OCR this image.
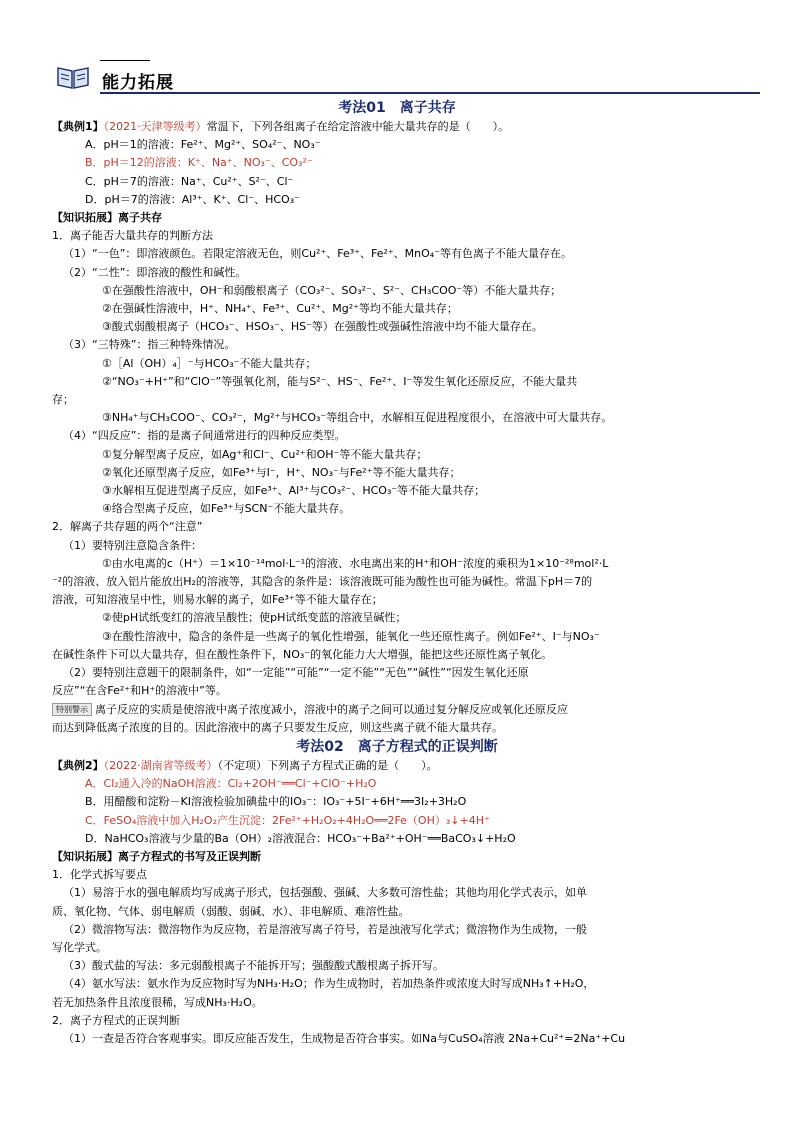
能力拓展
考法01　离子共存
【典例1】（2021·天津等级考）常温下，下列各组离子在给定溶液中能大量共存的是（　　）。
A．pH＝1的溶液：Fe²⁺、Mg²⁺、SO₄²⁻、NO₃⁻
B．pH＝12的溶液：K⁺、Na⁺、NO₃⁻、CO₃²⁻
C．pH＝7的溶液：Na⁺、Cu²⁺、S²⁻、Cl⁻
D．pH＝7的溶液：Al³⁺、K⁺、Cl⁻、HCO₃⁻
【知识拓展】离子共存
1．离子能否大量共存的判断方法
（1）“一色”：即溶液颜色。若限定溶液无色，则Cu²⁺、Fe³⁺、Fe²⁺、MnO₄⁻等有色离子不能大量存在。
（2）“二性”：即溶液的酸性和碱性。
①在强酸性溶液中，OH⁻和弱酸根离子（CO₃²⁻、SO₃²⁻、S²⁻、CH₃COO⁻等）不能大量共存；
②在强碱性溶液中，H⁺、NH₄⁺、Fe³⁺、Cu²⁺、Mg²⁺等均不能大量共存；
③酸式弱酸根离子（HCO₃⁻、HSO₃⁻、HS⁻等）在强酸性或强碱性溶液中均不能大量存在。
（3）“三特殊”：指三种特殊情况。
①［Al（OH）₄］⁻与HCO₃⁻不能大量共存；
②“NO₃⁻+H⁺”和“ClO⁻”等强氧化剂，能与S²⁻、HS⁻、Fe²⁺、I⁻等发生氧化还原反应，不能大量共
存；
③NH₄⁺与CH₃COO⁻、CO₃²⁻，Mg²⁺与HCO₃⁻等组合中，水解相互促进程度很小，在溶液中可大量共存。
（4）“四反应”：指的是离子间通常进行的四种反应类型。
①复分解型离子反应，如Ag⁺和Cl⁻、Cu²⁺和OH⁻等不能大量共存；
②氧化还原型离子反应，如Fe³⁺与I⁻，H⁺、NO₃⁻与Fe²⁺等不能大量共存；
③水解相互促进型离子反应，如Fe³⁺、Al³⁺与CO₃²⁻、HCO₃⁻等不能大量共存；
④络合型离子反应，如Fe³⁺与SCN⁻不能大量共存。
2．解离子共存题的两个“注意”
（1）要特别注意隐含条件：
①由水电离的c（H⁺）＝1×10⁻¹⁴mol·L⁻¹的溶液、水电离出来的H⁺和OH⁻浓度的乘积为1×10⁻²⁸mol²·L
⁻²的溶液、放入铝片能放出H₂的溶液等，其隐含的条件是：该溶液既可能为酸性也可能为碱性。常温下pH＝7的
溶液，可知溶液呈中性，则易水解的离子，如Fe³⁺等不能大量存在；
②使pH试纸变红的溶液呈酸性；使pH试纸变蓝的溶液呈碱性；
③在酸性溶液中，隐含的条件是一些离子的氧化性增强，能氧化一些还原性离子。例如Fe²⁺、I⁻与NO₃⁻
在碱性条件下可以大量共存，但在酸性条件下，NO₃⁻的氧化能力大大增强，能把这些还原性离子氧化。
（2）要特别注意题干的限制条件，如“一定能”“可能”“一定不能”“无色”“碱性”“因发生氧化还原
反应”“在含Fe²⁺和H⁺的溶液中”等。
特别警示 离子反应的实质是使溶液中离子浓度减小，溶液中的离子之间可以通过复分解反应或氧化还原反应
而达到降低离子浓度的目的。因此溶液中的离子只要发生反应，则这些离子就不能大量共存。
考法02　离子方程式的正误判断
【典例2】（2022·湖南省等级考）（不定项）下列离子方程式正确的是（　　）。
A．Cl₂通入冷的NaOH溶液：Cl₂+2OH⁻══Cl⁻+ClO⁻+H₂O
B．用醋酸和淀粉－KI溶液检验加碘盐中的IO₃⁻：IO₃⁻+5I⁻+6H⁺══3I₂+3H₂O
C．FeSO₄溶液中加入H₂O₂产生沉淀：2Fe²⁺+H₂O₂+4H₂O══2Fe（OH）₃↓+4H⁺
D．NaHCO₃溶液与少量的Ba（OH）₂溶液混合：HCO₃⁻+Ba²⁺+OH⁻══BaCO₃↓+H₂O
【知识拓展】离子方程式的书写及正误判断
1．化学式拆写要点
（1）易溶于水的强电解质均写成离子形式，包括强酸、强碱、大多数可溶性盐；其他均用化学式表示，如单
质、氧化物、气体、弱电解质（弱酸、弱碱、水）、非电解质、难溶性盐。
（2）微溶物写法：微溶物作为反应物，若是溶液写离子符号，若是浊液写化学式；微溶物作为生成物，一般
写化学式。
（3）酸式盐的写法：多元弱酸根离子不能拆开写；强酸酸式酸根离子拆开写。
（4）氨水写法：氨水作为反应物时写为NH₃·H₂O；作为生成物时，若加热条件或浓度大时写成NH₃↑+H₂O，
若无加热条件且浓度很稀，写成NH₃·H₂O。
2．离子方程式的正误判断
（1）一查是否符合客观事实。即反应能否发生，生成物是否符合事实。如Na与CuSO₄溶液 2Na+Cu²⁺=2Na⁺+Cu
